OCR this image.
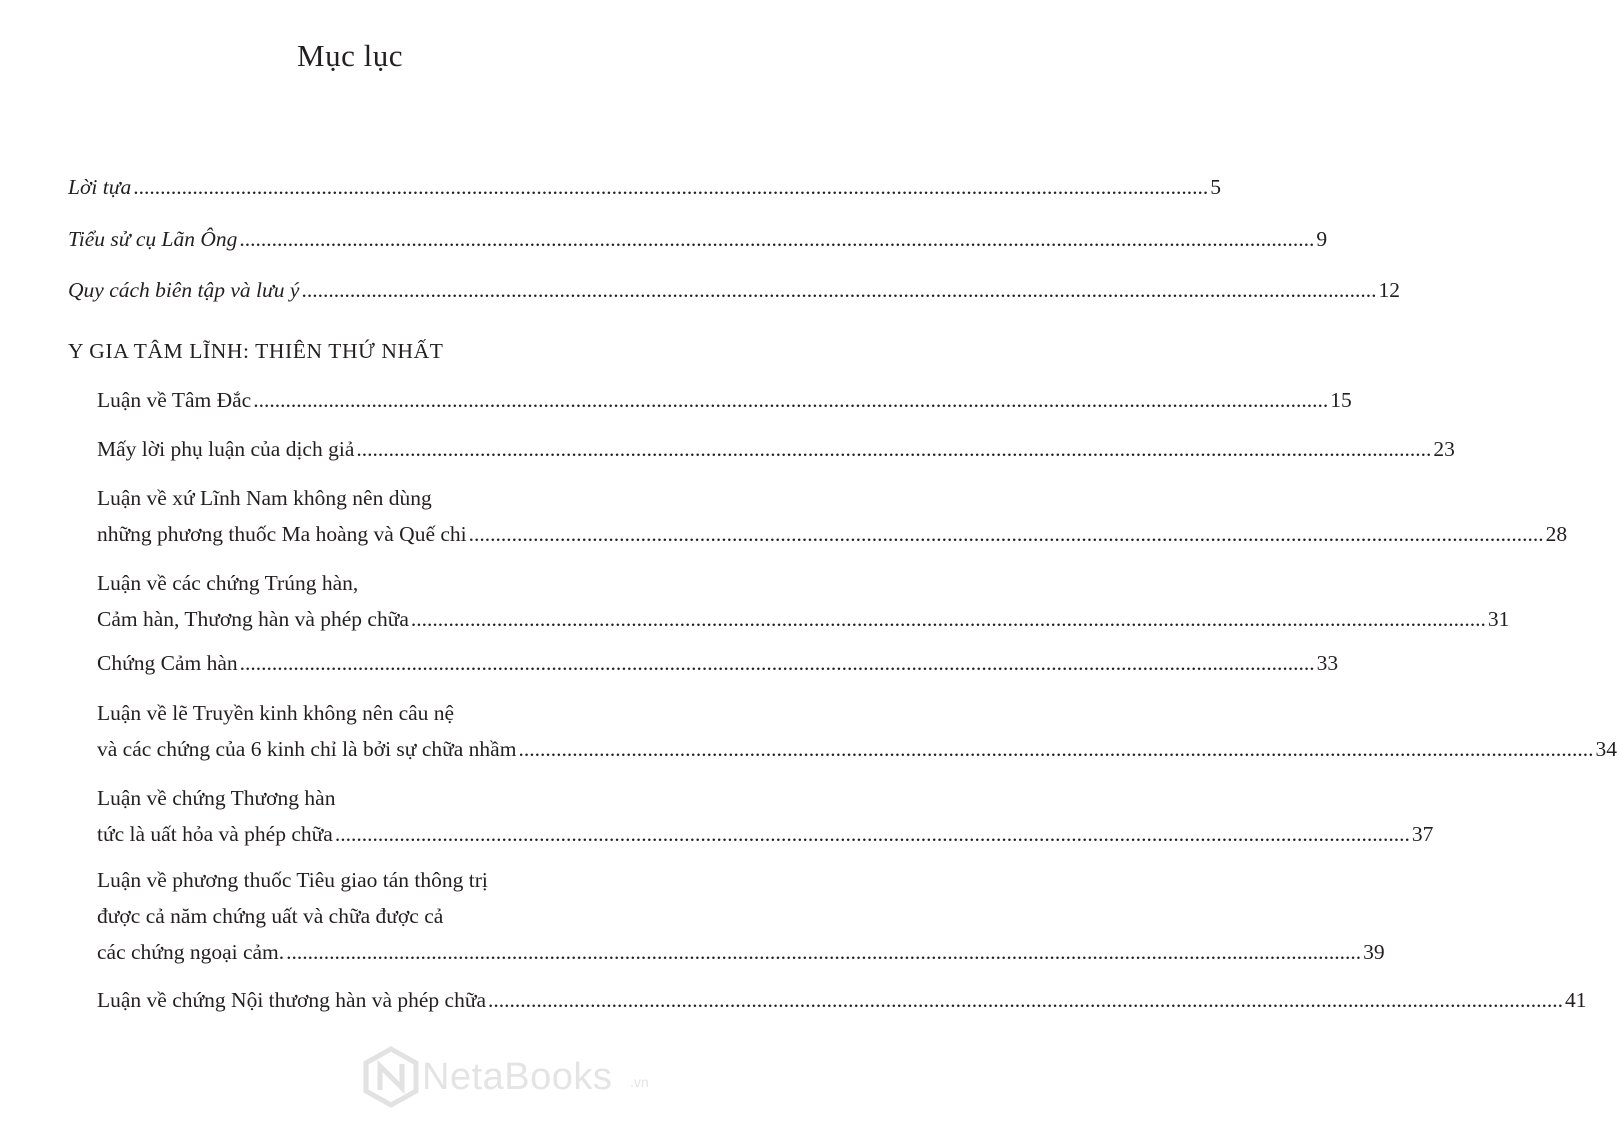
Mục lục
Lời tựa ........................................................................................................................................................................................................ 5
Tiểu sử cụ Lãn Ông ........................................................................................................................................................................................................ 9
Quy cách biên tập và lưu ý ........................................................................................................................................................................................................ 12
Y GIA TÂM LĨNH: THIÊN THỨ NHẤT
Luận về Tâm Đắc ........................................................................................................................................................................................................ 15
Mấy lời phụ luận của dịch giả ........................................................................................................................................................................................................ 23
Luận về xứ Lĩnh Nam không nên dùng
những phương thuốc Ma hoàng và Quế chi ........................................................................................................................................................................................................ 28
Luận về các chứng Trúng hàn,
Cảm hàn, Thương hàn và phép chữa ........................................................................................................................................................................................................ 31
Chứng Cảm hàn ........................................................................................................................................................................................................ 33
Luận về lẽ Truyền kinh không nên câu nệ
và các chứng của 6 kinh chỉ là bởi sự chữa nhầm ........................................................................................................................................................................................................ 34
Luận về chứng Thương hàn
tức là uất hỏa và phép chữa ........................................................................................................................................................................................................ 37
Luận về phương thuốc Tiêu giao tán thông trị
được cả năm chứng uất và chữa được cả
các chứng ngoại cảm. ........................................................................................................................................................................................................ 39
Luận về chứng Nội thương hàn và phép chữa ........................................................................................................................................................................................................ 41
NetaBooks .vn
